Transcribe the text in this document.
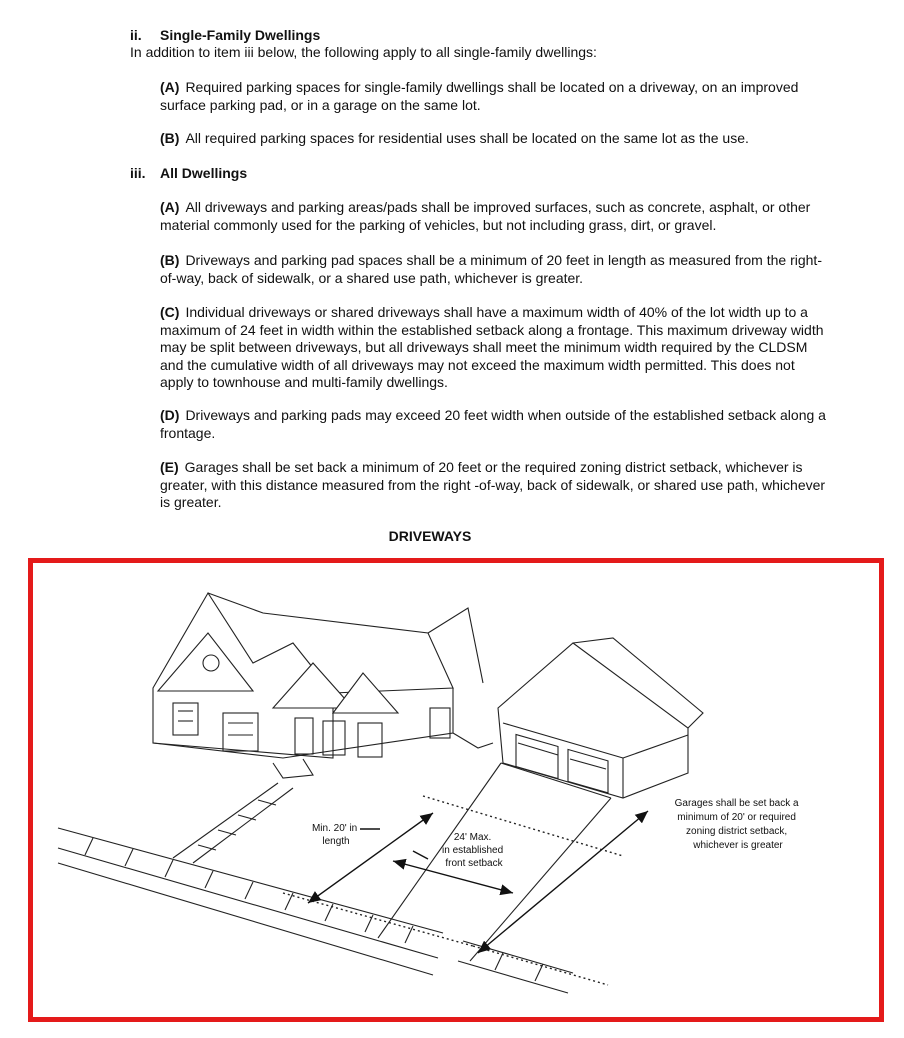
ii. Single-Family Dwellings
In addition to item iii below, the following apply to all single-family dwellings:
(A) Required parking spaces for single-family dwellings shall be located on a driveway, on an improved surface parking pad, or in a garage on the same lot.
(B) All required parking spaces for residential uses shall be located on the same lot as the use.
iii. All Dwellings
(A) All driveways and parking areas/pads shall be improved surfaces, such as concrete, asphalt, or other material commonly used for the parking of vehicles, but not including grass, dirt, or gravel.
(B) Driveways and parking pad spaces shall be a minimum of 20 feet in length as measured from the right-of-way, back of sidewalk, or a shared use path, whichever is greater.
(C) Individual driveways or shared driveways shall have a maximum width of 40% of the lot width up to a maximum of 24 feet in width within the established setback along a frontage. This maximum driveway width may be split between driveways, but all driveways shall meet the minimum width required by the CLDSM and the cumulative width of all driveways may not exceed the maximum width permitted. This does not apply to townhouse and multi-family dwellings.
(D) Driveways and parking pads may exceed 20 feet width when outside of the established setback along a frontage.
(E) Garages shall be set back a minimum of 20 feet or the required zoning district setback, whichever is greater, with this distance measured from the right -of-way, back of sidewalk, or shared use path, whichever is greater.
DRIVEWAYS
Min. 20' in length	24' Max. in established front setback
Garages shall be set back a minimum of 20' or required zoning district setback, whichever is greater
